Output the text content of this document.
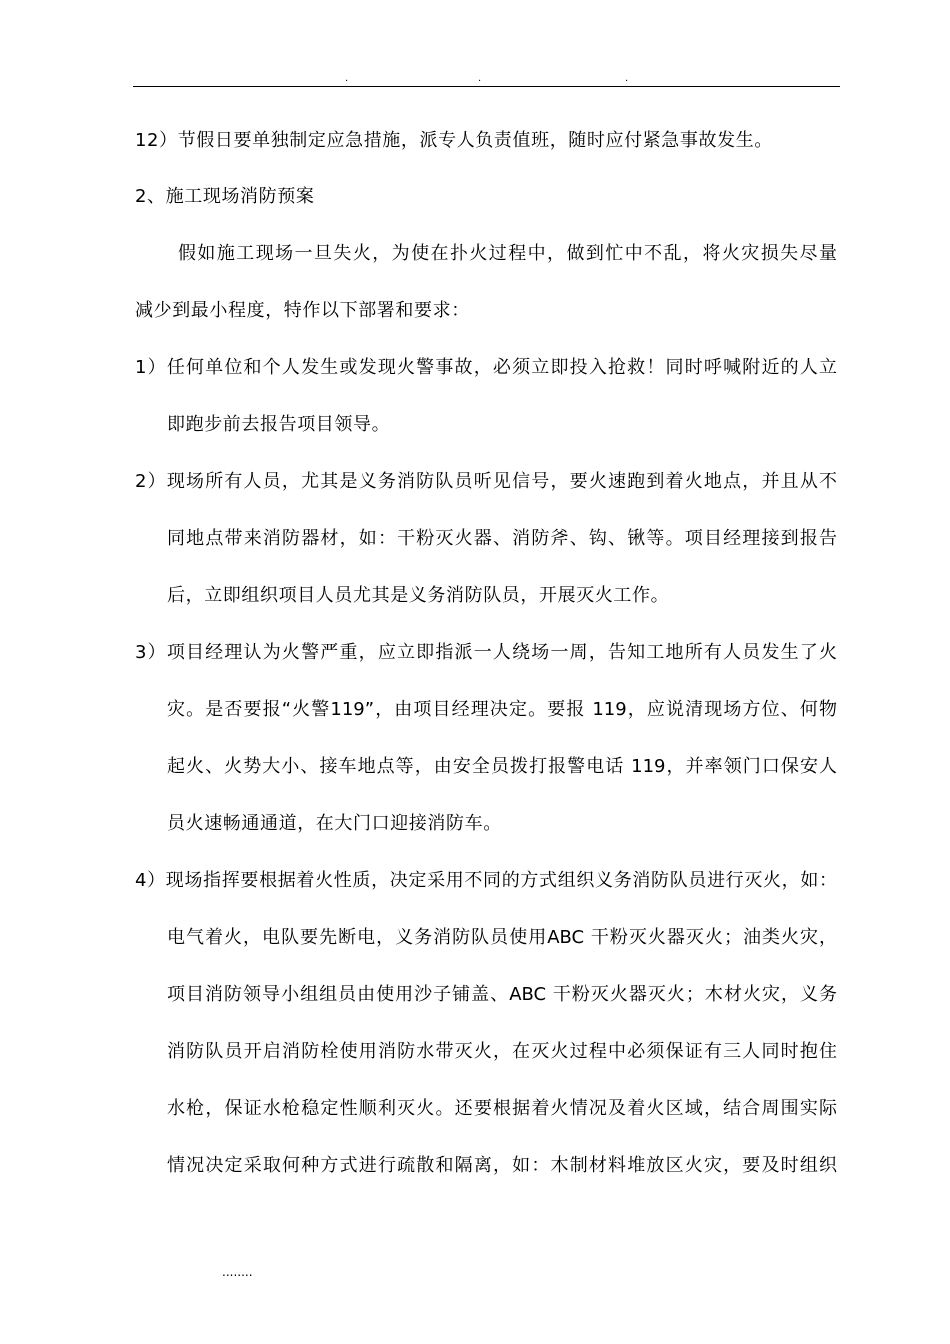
.	.	.
12）节假日要单独制定应急措施，派专人负责值班，随时应付紧急事故发生。
2、施工现场消防预案
假如施工现场一旦失火，为使在扑火过程中，做到忙中不乱，将火灾损失尽量
减少到最小程度，特作以下部署和要求：
1）任何单位和个人发生或发现火警事故，必须立即投入抢救！同时呼喊附近的人立
即跑步前去报告项目领导。
2）现场所有人员，尤其是义务消防队员听见信号，要火速跑到着火地点，并且从不
同地点带来消防器材，如：干粉灭火器、消防斧、钩、锹等。项目经理接到报告
后，立即组织项目人员尤其是义务消防队员，开展灭火工作。
3）项目经理认为火警严重，应立即指派一人绕场一周，告知工地所有人员发生了火
灾。是否要报“火警119”，由项目经理决定。要报 119，应说清现场方位、何物
起火、火势大小、接车地点等，由安全员拨打报警电话 119，并率领门口保安人
员火速畅通通道，在大门口迎接消防车。
4）现场指挥要根据着火性质，决定采用不同的方式组织义务消防队员进行灭火，如：
电气着火，电队要先断电，义务消防队员使用ABC 干粉灭火器灭火；油类火灾，
项目消防领导小组组员由使用沙子铺盖、ABC 干粉灭火器灭火；木材火灾，义务
消防队员开启消防栓使用消防水带灭火，在灭火过程中必须保证有三人同时抱住
水枪，保证水枪稳定性顺利灭火。还要根据着火情况及着火区域，结合周围实际
情况决定采取何种方式进行疏散和隔离，如：木制材料堆放区火灾，要及时组织
........
